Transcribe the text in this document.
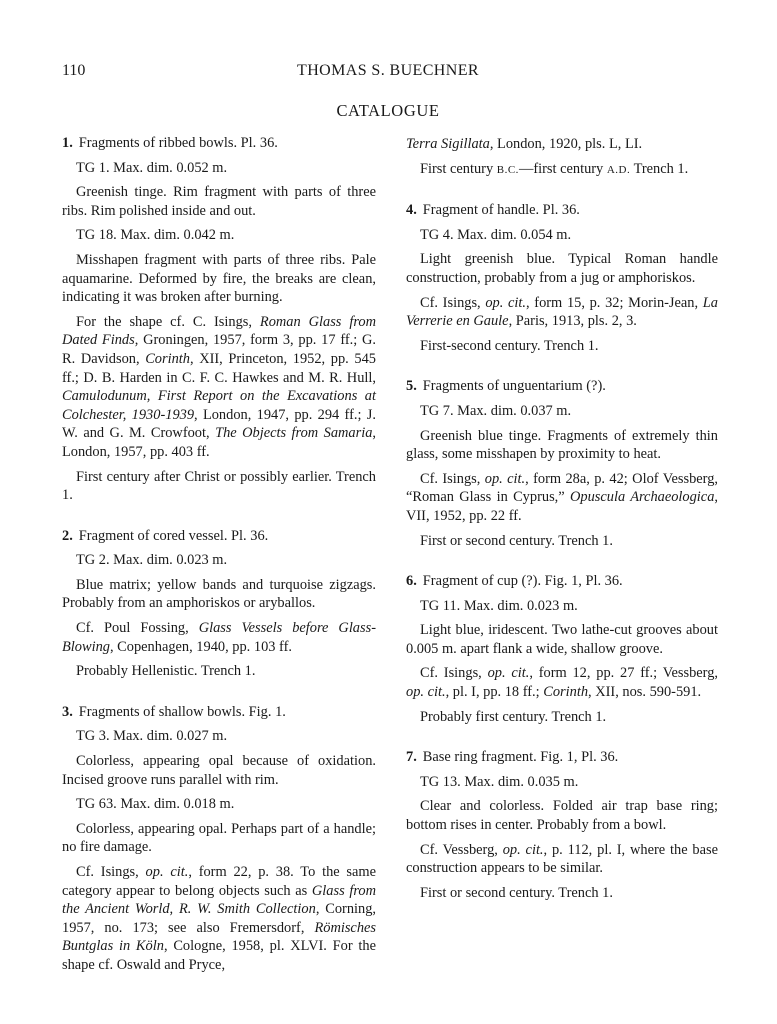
110	THOMAS S. BUECHNER
CATALOGUE

1. Fragments of ribbed bowls. Pl. 36.

TG 1. Max. dim. 0.052 m.

Greenish tinge. Rim fragment with parts of three ribs. Rim polished inside and out.

TG 18. Max. dim. 0.042 m.

Misshapen fragment with parts of three ribs. Pale aquamarine. Deformed by fire, the breaks are clean, indicating it was broken after burning.

For the shape cf. C. Isings, Roman Glass from Dated Finds, Groningen, 1957, form 3, pp. 17 ff.; G. R. Davidson, Corinth, XII, Princeton, 1952, pp. 545 ff.; D. B. Harden in C. F. C. Hawkes and M. R. Hull, Camulodunum, First Report on the Excavations at Colchester, 1930-1939, London, 1947, pp. 294 ff.; J. W. and G. M. Crowfoot, The Objects from Samaria, London, 1957, pp. 403 ff.

First century after Christ or possibly earlier. Trench 1.

2. Fragment of cored vessel. Pl. 36.

TG 2. Max. dim. 0.023 m.

Blue matrix; yellow bands and turquoise zigzags. Probably from an amphoriskos or aryballos.

Cf. Poul Fossing, Glass Vessels before Glass-Blowing, Copenhagen, 1940, pp. 103 ff.

Probably Hellenistic. Trench 1.

3. Fragments of shallow bowls. Fig. 1.

TG 3. Max. dim. 0.027 m.

Colorless, appearing opal because of oxidation. Incised groove runs parallel with rim.

TG 63. Max. dim. 0.018 m.

Colorless, appearing opal. Perhaps part of a handle; no fire damage.

Cf. Isings, op. cit., form 22, p. 38. To the same category appear to belong objects such as Glass from the Ancient World, R. W. Smith Collection, Corning, 1957, no. 173; see also Fremersdorf, Römisches Buntglas in Köln, Cologne, 1958, pl. XLVI. For the shape cf. Oswald and Pryce,

Terra Sigillata, London, 1920, pls. L, LI.

First century B.C.—first century A.D. Trench 1.

4. Fragment of handle. Pl. 36.

TG 4. Max. dim. 0.054 m.

Light greenish blue. Typical Roman handle construction, probably from a jug or amphoriskos.

Cf. Isings, op. cit., form 15, p. 32; Morin-Jean, La Verrerie en Gaule, Paris, 1913, pls. 2, 3.

First-second century. Trench 1.

5. Fragments of unguentarium (?).

TG 7. Max. dim. 0.037 m.

Greenish blue tinge. Fragments of extremely thin glass, some misshapen by proximity to heat.

Cf. Isings, op. cit., form 28a, p. 42; Olof Vessberg, “Roman Glass in Cyprus,” Opuscula Archaeologica, VII, 1952, pp. 22 ff.

First or second century. Trench 1.

6. Fragment of cup (?). Fig. 1, Pl. 36.

TG 11. Max. dim. 0.023 m.

Light blue, iridescent. Two lathe-cut grooves about 0.005 m. apart flank a wide, shallow groove.

Cf. Isings, op. cit., form 12, pp. 27 ff.; Vessberg, op. cit., pl. I, pp. 18 ff.; Corinth, XII, nos. 590-591.

Probably first century. Trench 1.

7. Base ring fragment. Fig. 1, Pl. 36.

TG 13. Max. dim. 0.035 m.

Clear and colorless. Folded air trap base ring; bottom rises in center. Probably from a bowl.

Cf. Vessberg, op. cit., p. 112, pl. I, where the base construction appears to be similar.

First or second century. Trench 1.
